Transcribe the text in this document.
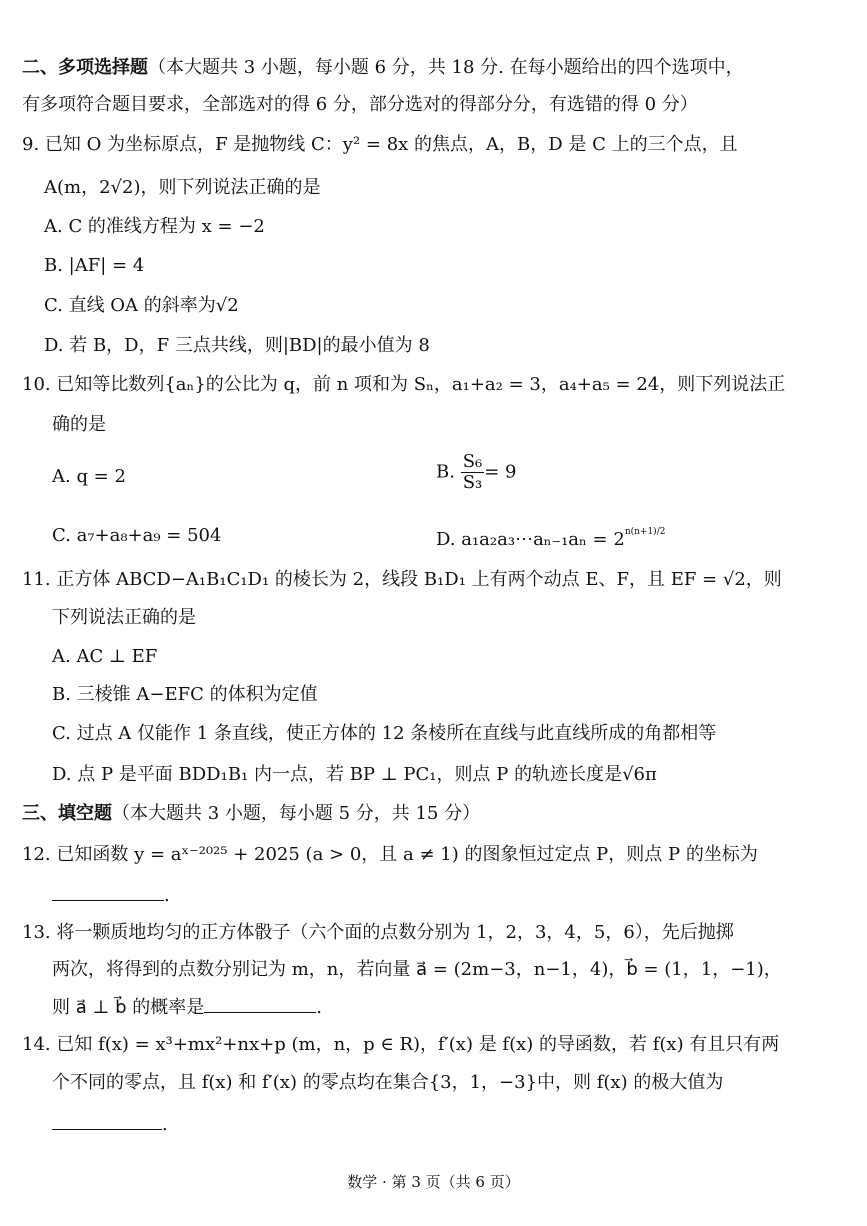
二、多项选择题（本大题共 3 小题，每小题 6 分，共 18 分. 在每小题给出的四个选项中，
有多项符合题目要求，全部选对的得 6 分，部分选对的得部分分，有选错的得 0 分）
9. 已知 O 为坐标原点，F 是抛物线 C：y² = 8x 的焦点，A，B，D 是 C 上的三个点，且
A(m，2√2)，则下列说法正确的是
A. C 的准线方程为 x = −2
B. |AF| = 4
C. 直线 OA 的斜率为√2
D. 若 B，D，F 三点共线，则|BD|的最小值为 8
10. 已知等比数列{aₙ}的公比为 q，前 n 项和为 Sₙ，a₁+a₂ = 3，a₄+a₅ = 24，则下列说法正
确的是
A. q = 2	B. $\frac{\text{S₆}}{\text{S₃}} = 9$
C. a₇+a₈+a₉ = 504	D. a₁a₂a₃⋯aₙ₋₁aₙ = $2^{n(n+1)/2}$
11. 正方体 ABCD−A₁B₁C₁D₁ 的棱长为 2，线段 B₁D₁ 上有两个动点 E、F，且 EF = √2，则
下列说法正确的是
A. AC ⊥ EF
B. 三棱锥 A−EFC 的体积为定值
C. 过点 A 仅能作 1 条直线，使正方体的 12 条棱所在直线与此直线所成的角都相等
D. 点 P 是平面 BDD₁B₁ 内一点，若 BP ⊥ PC₁，则点 P 的轨迹长度是√6π
三、填空题（本大题共 3 小题，每小题 5 分，共 15 分）
12. 已知函数 y = aˣ⁻²⁰²⁵ + 2025 (a > 0，且 a ≠ 1) 的图象恒过定点 P，则点 P 的坐标为
.
13. 将一颗质地均匀的正方体骰子（六个面的点数分别为 1，2，3，4，5，6），先后抛掷
两次，将得到的点数分别记为 m，n，若向量 a⃗ = (2m−3，n−1，4)，b⃗ = (1，1，−1)，
则 a⃗ ⊥ b⃗ 的概率是	.
14. 已知 f(x) = x³+mx²+nx+p (m，n，p ∈ R)，f′(x) 是 f(x) 的导函数，若 f(x) 有且只有两
个不同的零点，且 f(x) 和 f′(x) 的零点均在集合{3，1，−3}中，则 f(x) 的极大值为
.
数学 · 第 3 页（共 6 页）
